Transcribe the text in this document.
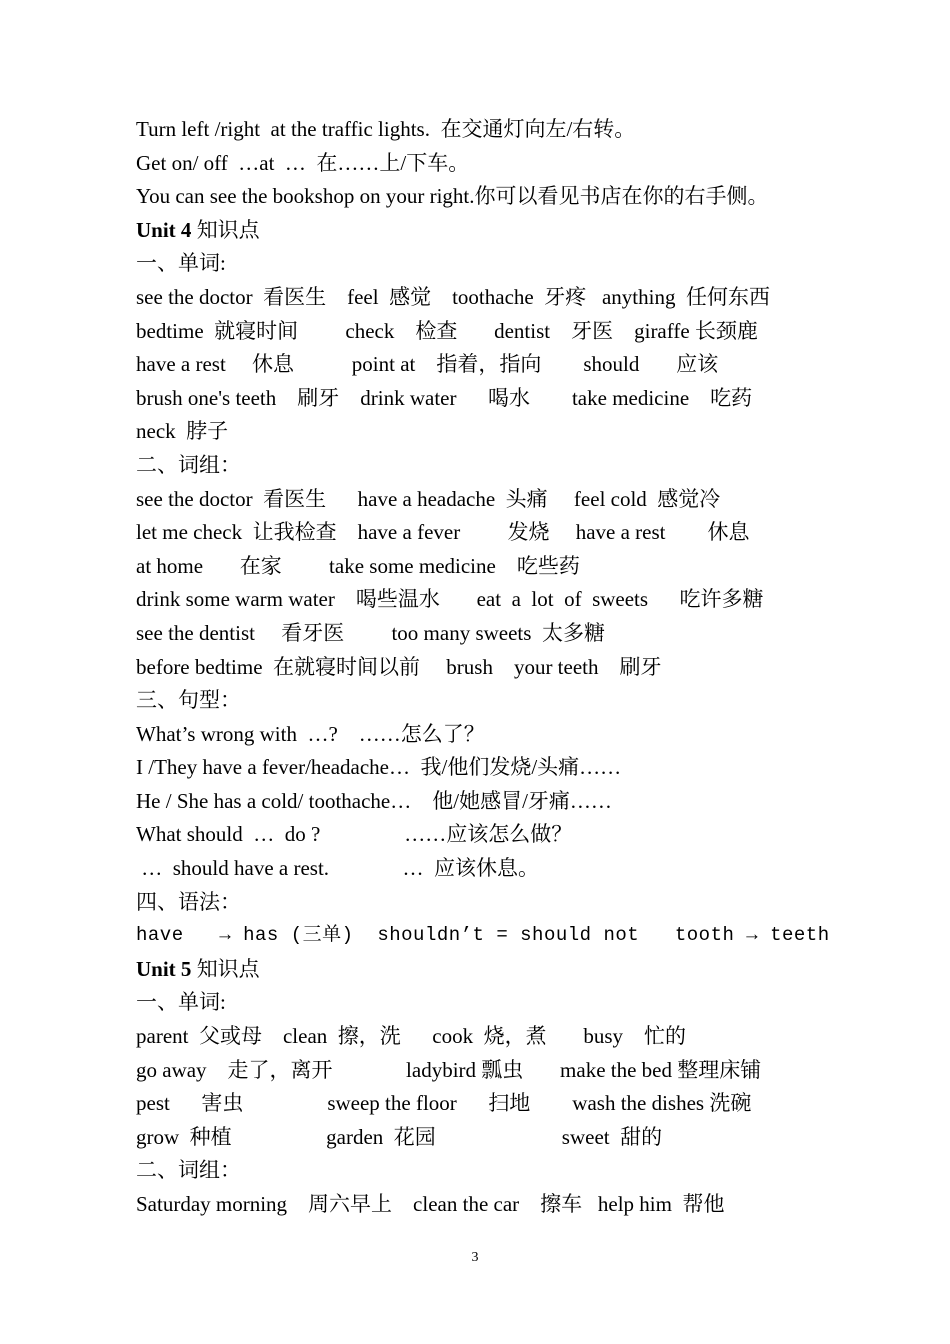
Turn left /right  at the traffic lights.  在交通灯向左/右转。
Get on/ off  …at  …  在……上/下车。
You can see the bookshop on your right.你可以看见书店在你的右手侧。
Unit 4 知识点
一、单词:
see the doctor  看医生    feel  感觉    toothache  牙疼   anything  任何东西
bedtime  就寝时间         check    检查       dentist    牙医    giraffe 长颈鹿
have a rest     休息           point at    指着，指向        should       应该
brush one's teeth    刷牙    drink water      喝水        take medicine    吃药
neck  脖子
二、词组：
see the doctor  看医生      have a headache  头痛     feel cold  感觉冷
let me check  让我检查    have a fever         发烧     have a rest        休息
at home       在家         take some medicine    吃些药
drink some warm water    喝些温水       eat  a  lot  of  sweets      吃许多糖
see the dentist     看牙医         too many sweets  太多糖
before bedtime  在就寝时间以前     brush    your teeth    刷牙
三、句型：
What’s wrong with  …?    ……怎么了？
I /They have a fever/headache…  我/他们发烧/头痛……
He / She has a cold/ toothache…    他/她感冒/牙痛……
What should  …  do ?                ……应该怎么做？
…  should have a rest.              …  应该休息。
四、语法：
have   → has (三单)  shouldn’t = should not   tooth → teeth
Unit 5 知识点
一、单词:
parent  父或母    clean  擦，洗      cook  烧，煮       busy    忙的
go away    走了，离开              ladybird 瓢虫       make the bed 整理床铺
pest      害虫                sweep the floor      扫地        wash the dishes 洗碗
grow  种植                  garden  花园                        sweet  甜的
二、词组：
Saturday morning    周六早上    clean the car    擦车   help him  帮他
3
